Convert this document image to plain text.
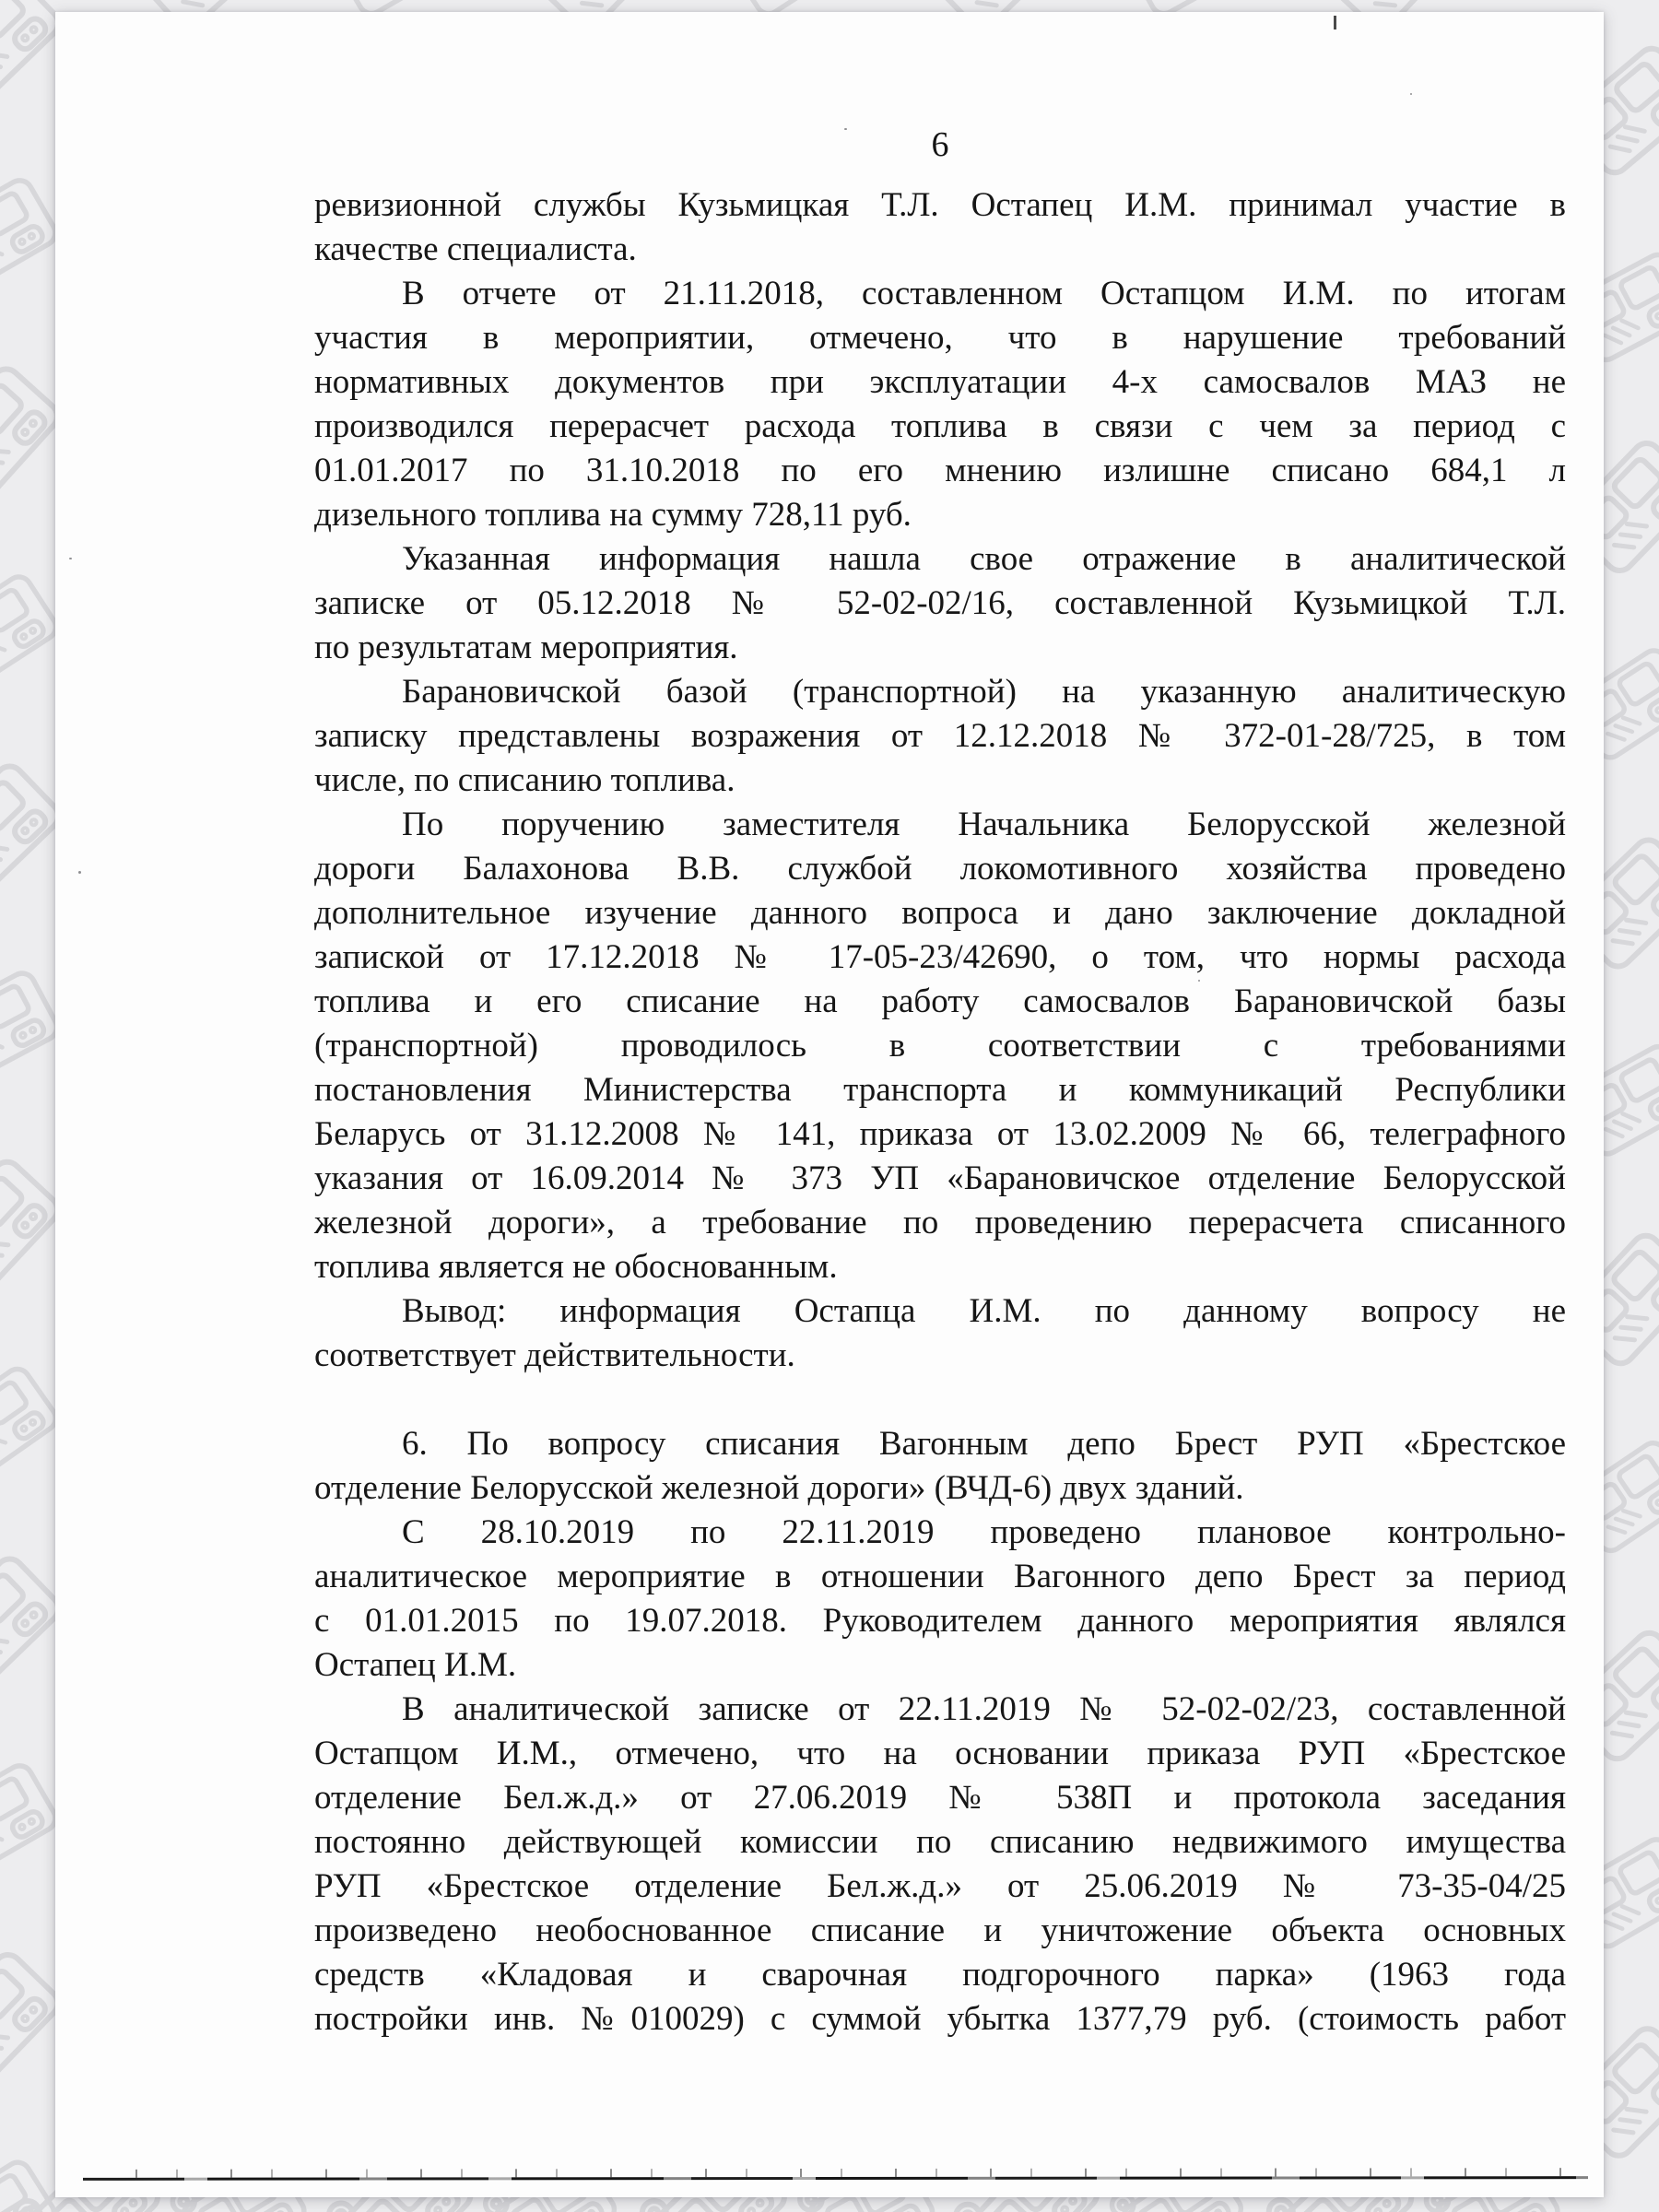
6
ревизионной службы Кузьмицкая Т.Л. Остапец И.М. принимал участие в
качестве специалиста.
В отчете от 21.11.2018, составленном Остапцом И.М. по итогам
участия в мероприятии, отмечено, что в нарушение требований
нормативных документов при эксплуатации 4-х самосвалов МАЗ не
производился перерасчет расхода топлива в связи с чем за период с
01.01.2017 по 31.10.2018 по его мнению излишне списано 684,1 л
дизельного топлива на сумму 728,11 руб.
Указанная информация нашла свое отражение в аналитической
записке от 05.12.2018 № 52-02-02/16, составленной Кузьмицкой Т.Л.
по результатам мероприятия.
Барановичской базой (транспортной) на указанную аналитическую
записку представлены возражения от 12.12.2018 № 372-01-28/725, в том
числе, по списанию топлива.
По поручению заместителя Начальника Белорусской железной
дороги Балахонова В.В. службой локомотивного хозяйства проведено
дополнительное изучение данного вопроса и дано заключение докладной
запиской от 17.12.2018 № 17-05-23/42690, о том, что нормы расхода
топлива и его списание на работу самосвалов Барановичской базы
(транспортной) проводилось в соответствии с требованиями
постановления Министерства транспорта и коммуникаций Республики
Беларусь от 31.12.2008 № 141, приказа от 13.02.2009 № 66, телеграфного
указания от 16.09.2014 № 373 УП «Барановичское отделение Белорусской
железной дороги», а требование по проведению перерасчета списанного
топлива является не обоснованным.
Вывод: информация Остапца И.М. по данному вопросу не
соответствует действительности.
6. По вопросу списания Вагонным депо Брест РУП «Брестское
отделение Белорусской железной дороги» (ВЧД-6) двух зданий.
С 28.10.2019 по 22.11.2019 проведено плановое контрольно-
аналитическое мероприятие в отношении Вагонного депо Брест за период
с 01.01.2015 по 19.07.2018. Руководителем данного мероприятия являлся
Остапец И.М.
В аналитической записке от 22.11.2019 № 52-02-02/23, составленной
Остапцом И.М., отмечено, что на основании приказа РУП «Брестское
отделение Бел.ж.д.» от 27.06.2019 № 538П и протокола заседания
постоянно действующей комиссии по списанию недвижимого имущества
РУП «Брестское отделение Бел.ж.д.» от 25.06.2019 № 73-35-04/25
произведено необоснованное списание и уничтожение объекта основных
средств «Кладовая и сварочная подгорочного парка» (1963 года
постройки инв. №010029) с суммой убытка 1377,79 руб. (стоимость работ
